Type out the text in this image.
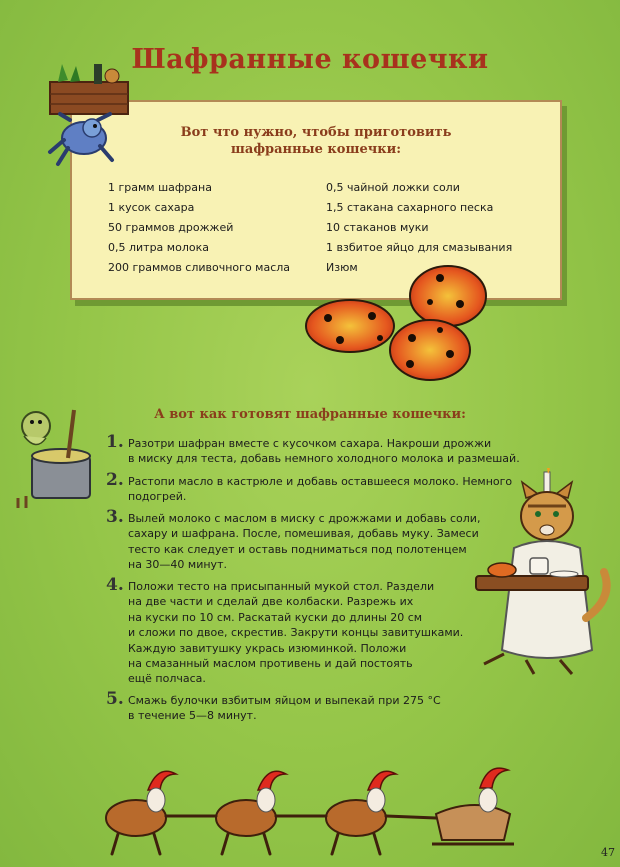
Шафранные кошечки
Вот что нужно, чтобы приготовить
шафранные кошечки:
1 грамм шафрана
1 кусок сахара
50 граммов дрожжей
0,5 литра молока
200 граммов сливочного масла
0,5 чайной ложки соли
1,5 стакана сахарного песка
10 стаканов муки
1 взбитое яйцо для смазывания
Изюм
А вот как готовят шафранные кошечки:
1. Разотри шафран вместе с кусочком сахара. Накроши дрожжи
в миску для теста, добавь немного холодного молока и размешай.
2. Растопи масло в кастрюле и добавь оставшееся молоко. Немного
подогрей.
3. Вылей молоко с маслом в миску с дрожжами и добавь соли,
сахару и шафрана. После, помешивая, добавь муку. Замеси
тесто как следует и оставь подниматься под полотенцем
на 30—40 минут.
4. Положи тесто на присыпанный мукой стол. Раздели
на две части и сделай две колбаски. Разрежь их
на куски по 10 см. Раскатай куски до длины 20 см
и сложи по двое, скрестив. Закрути концы завитушками.
Каждую завитушку укрась изюминкой. Положи
на смазанный маслом противень и дай постоять
ещё полчаса.
5. Смажь булочки взбитым яйцом и выпекай при 275 °С
в течение 5—8 минут.
47
